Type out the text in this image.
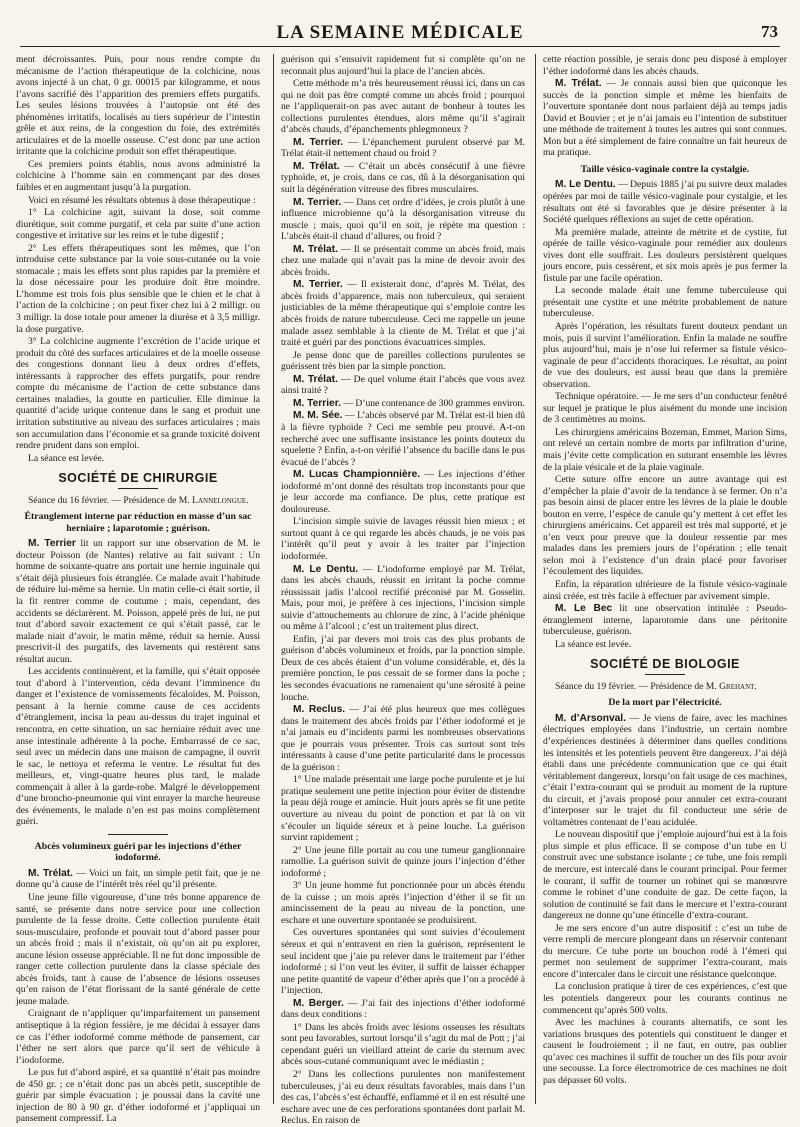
LA SEMAINE MÉDICALE	73

ment décroissantes. Puis, pour nous rendre compte du mécanisme de l’action thérapeutique de la colchicine, nous avons injecté à un chat, 0 gr. 00015 par kilogramme, et nous l’avons sacrifié dès l’apparition des premiers effets purgatifs. Les seules lésions trouvées à l’autopsie ont été des phénomènes irritatifs, localisés au tiers supérieur de l’intestin grêle et aux reins, de la congestion du foie, des extrémités articulaires et de la moelle osseuse. C’est donc par une action irritante que la colchicine produit son effet thérapeutique.

Ces premiers points établis, nous avons administré la colchicine à l’homme sain en commençant par des doses faibles et en augmentant jusqu’à la purgation.

Voici en résumé les résultats obtenus à dose thérapeutique :

1° La colchicine agit, suivant la dose, soit comme diurétique, soit comme purgatif, et cela par suite d’une action congestive et irritative sur les reins et le tube digestif ;

2° Les effets thérapeutiques sont les mêmes, que l’on introduise cette substance par la voie sous-cutanée ou la voie stomacale ; mais les effets sont plus rapides par la première et la dose nécessaire pour les produire doit être moindre. L’homme est trois fois plus sensible que le chien et le chat à l’action de la colchicine ; on peut fixer chez lui à 2 milligr. ou 3 milligr. la dose totale pour amener la diurèse et à 3,5 milligr. la dose purgative.

3° La colchicine augmente l’excrétion de l’acide urique et produit du côté des surfaces articulaires et de la moelle osseuse des congestions donnant lieu à deux ordres d’effets, intéressants à rapprocher des effets purgatifs, pour rendre compte du mécanisme de l’action de cette substance dans certaines maladies, la goutte en particulier. Elle diminue la quantité d’acide urique contenue dans le sang et produit une irritation substitutive au niveau des surfaces articulaires ; mais son accumulation dans l’économie et sa grande toxicité doivent rendre prudent dans son emploi.

La séance est levée.

SOCIÉTÉ DE CHIRURGIE

Séance du 16 février. — Présidence de M. Lannelongue.

Étranglement interne par réduction en masse d’un sac herniaire ; laparotomie ; guérison.

M. Terrier lit un rapport sur une observation de M. le docteur Poisson (de Nantes) relative au fait suivant : Un homme de soixante-quatre ans portait une hernie inguinale qui s’était déjà plusieurs fois étranglée. Ce malade avait l’habitude de réduire lui-même sa hernie. Un matin celle-ci était sortie, il la fit rentrer comme de coutume ; mais, cependant, des accidents se déclarèrent. M. Poisson, appelé près de lui, ne put tout d’abord savoir exactement ce qui s’était passé, car le malade niait d’avoir, le matin même, réduit sa hernie. Aussi prescrivit-il des purgatifs, des lavements qui restèrent sans résultat aucun.

Les accidents continuèrent, et la famille, qui s’était opposée tout d’abord à l’intervention, céda devant l’imminence du danger et l’existence de vomissements fécaloïdes. M. Poisson, pensant à la hernie comme cause de ces accidents d’étranglement, incisa la peau au-dessus du trajet inguinal et rencontra, en cette situation, un sac herniaire réduit avec une anse intestinale adhérente à la poche. Embarrassé de ce sac, seul avec un médecin dans une maison de campagne, il ouvrit le sac, le nettoya et referma le ventre. Le résultat fut des meilleurs, et, vingt-quatre heures plus tard, le malade commençait à aller à la garde-robe. Malgré le développement d’une broncho-pneumonie qui vint enrayer la marche heureuse des événements, le malade n’en est pas moins complètement guéri.

Abcès volumineux guéri par les injections d’éther iodoformé.

M. Trélat. — Voici un fait, un simple petit fait, que je ne donne qu’à cause de l’intérêt très réel qu’il présente.

Une jeune fille vigoureuse, d’une très bonne apparence de santé, se présente dans notre service pour une collection purulente de la fesse droite. Cette collection purulente était sous-musculaire, profonde et pouvait tout d’abord passer pour un abcès froid ; mais il n’existait, où qu’on ait pu explorer, aucune lésion osseuse appréciable. Il ne fut donc impossible de ranger cette collection purulente dans la classe spéciale des abcès froids, tant à cause de l’absence de lésions osseuses qu’en raison de l’état florissant de la santé générale de cette jeune malade.

Craignant de n’appliquer qu’imparfaitement un pansement antiseptique à la région fessière, je me décidai à essayer dans ce cas l’éther iodoformé comme méthode de pansement, car l’éther ne sert alors que parce qu’il sert de véhicule à l’iodoforme.

Le pus fut d’abord aspiré, et sa quantité n’était pas moindre de 450 gr. ; ce n’était donc pas un abcès petit, susceptible de guérir par simple évacuation ; je poussai dans la cavité une injection de 80 à 90 gr. d’éther iodoformé et j’appliquai un pansement compressif. La

guérison qui s’ensuivit rapidement fut si complète qu’on ne reconnait plus aujourd’hui la place de l’ancien abcès.

Cette méthode m’a très heureusement réussi ici, dans un cas qui ne doit pas être compté comme un abcès froid ; pourquoi ne l’appliquerait-on pas avec autant de bonheur à toutes les collections purulentes étendues, alors même qu’il s’agirait d’abcès chauds, d’épanchements phlegmoneux ?

M. Terrier. — L’épanchement purulent observé par M. Trélat était-il nettement chaud ou froid ?

M. Trélat. — C’était un abcès consécutif à une fièvre typhoïde, et, je crois, dans ce cas, dû à la désorganisation qui suit la dégénération vitreuse des fibres musculaires.

M. Terrier. — Dans cet ordre d’idées, je crois plutôt à une influence microbienne qu’à la désorganisation vitreuse du muscle ; mais, quoi qu’il en soit, je répète ma question : L’abcès était-il chaud d’allures, ou froid ?

M. Trélat. — Il se présentait comme un abcès froid, mais chez une malade qui n’avait pas la mine de devoir avoir des abcès froids.

M. Terrier. — Il existerait donc, d’après M. Trélat, des abcès froids d’apparence, mais non tuberculeux, qui seraient justiciables de la même thérapeutique qui s’emploie contre les abcès froids de nature tuberculeuse. Ceci me rappelle un jeune malade assez semblable à la cliente de M. Trélat et que j’ai traité et guéri par des ponctions évacuatrices simples.

Je pense donc que de pareilles collections purulentes se guérissent très bien par la simple ponction.

M. Trélat. — De quel volume était l’abcès que vous avez ainsi traité ?

M. Terrier. — D’une contenance de 300 grammes environ.

M. M. Sée. — L’abcès observé par M. Trélat est-il bien dû à la fièvre typhoïde ? Ceci me semble peu prouvé. A-t-on recherché avec une suffisante insistance les points douteux du squelette ? Enfin, a-t-on vérifié l’absence du bacille dans le pus évacué de l’abcès ?

M. Lucas Championnière. — Les injections d’éther iodoformé m’ont donné des résultats trop inconstants pour que je leur accorde ma confiance. De plus, cette pratique est douloureuse.

L’incision simple suivie de lavages réussit bien mieux ; et surtout quant à ce qui regarde les abcès chauds, je ne vois pas l’intérêt qu’il peut y avoir à les traiter par l’injection iodoformée.

M. Le Dentu. — L’iodoforme employé par M. Trélat, dans les abcès chauds, réussit en irritant la poche comme réussissait jadis l’alcool rectifié préconisé par M. Gosselin. Mais, pour moi, je préfère à ces injections, l’incision simple suivie d’attouchements au chlorure de zinc, à l’acide phénique ou même à l’alcool ; c’est un traitement plus direct.

Enfin, j’ai par devers moi trois cas des plus probants de guérison d’abcès volumineux et froids, par la ponction simple. Deux de ces abcès étaient d’un volume considérable, et, dès la première ponction, le pus cessait de se former dans la poche ; les secondes évacuations ne ramenaient qu’une sérosité à peine louche.

M. Reclus. — J’ai été plus heureux que mes collègues dans le traitement des abcès froids par l’éther iodoformé et je n’ai jamais eu d’incidents parmi les nombreuses observations que je pourrais vous présenter. Trois cas surtout sont très intéressants à cause d’une petite particularité dans le processus de la guérison :

1° Une malade présentait une large poche purulente et je lui pratique seulement une petite injection pour éviter de distendre la peau déjà rouge et amincie. Huit jours après se fit une petite ouverture au niveau du point de ponction et par là on vit s’écouler un liquide séreux et à peine louche. La guérison survint rapidement ;

2° Une jeune fille portait au cou une tumeur ganglionnaire ramollie. La guérison suivit de quinze jours l’injection d’éther iodoformé ;

3° Un jeune homme fut ponctionnée pour un abcès étendu de la cuisse ; un mois après l’injection d’éther il se fit un amincissement de la peau au niveau de la ponction, une eschare et une ouverture spontanée se produisirent.

Ces ouvertures spontanées qui sont suivies d’écoulement séreux et qui n’entravent en rien la guérison, représentent le seul incident que j’aie pu relever dans le traitement par l’éther iodoformé ; si l’on veut les éviter, il suffit de laisser échapper une petite quantité de vapeur d’éther après que l’on a procédé à l’injection.

M. Berger. — J’ai fait des injections d’éther iodoformé dans deux conditions :

1° Dans les abcès froids avec lésions osseuses les résultats sont peu favorables, surtout lorsqu’il s’agit du mal de Pott ; j’ai cependant guéri un vieillard atteint de carie du sternum avec abcès sous-cutané communiquant avec le médiastin ;

2° Dans les collections purulentes non manifestement tuberculeuses, j’ai eu deux résultats favorables, mais dans l’un des cas, l’abcès s’est échauffé, enflammé et il en est résulté une eschare avec une de ces perforations spontanées dont parlait M. Reclus. En raison de

cette réaction possible, je serais donc peu disposé à employer l’éther iodoformé dans les abcès chauds.

M. Trélat. — Je connais aussi bien que quiconque les succès de la ponction simple et même les bienfaits de l’ouverture spontanée dont nous parlaient déjà au temps jadis David et Bouvier ; et je n’ai jamais eu l’intention de substituer une méthode de traitement à toutes les autres qui sont connues. Mon but a été simplement de faire connaître un fait heureux de ma pratique.

Taille vésico-vaginale contre la cystalgie.

M. Le Dentu. — Depuis 1885 j’ai pu suivre deux malades opérées par moi de taille vésico-vaginale pour cystalgie, et les résultats ont été si favorables que je désire présenter à la Société quelques réflexions au sujet de cette opération.

Ma première malade, atteinte de métrite et de cystite, fut opérée de taille vésico-vaginale pour remédier aux douleurs vives dont elle souffrait. Les douleurs persistèrent quelques jours encore, puis cessèrent, et six mois après je pus fermer la fistule par une facile opération.

La seconde malade était une femme tuberculeuse qui présentait une cystite et une métrite probablement de nature tuberculeuse.

Après l’opération, les résultats furent douteux pendant un mois, puis il survint l’amélioration. Enfin la malade ne souffre plus aujourd’hui, mais je n’ose lui refermer sa fistule vésico-vaginale de peur d’accidents thoraciques. Le résultat, au point de vue des douleurs, est aussi beau que dans la première observation.

Technique opératoire. — Je me sers d’un conducteur fenêtré sur lequel je pratique le plus aisément du monde une incision de 3 centimètres au moins.

Les chirurgiens américains Bozeman, Emmet, Marion Sims, ont relevé un certain nombre de morts par infiltration d’urine, mais j’évite cette complication en suturant ensemble les lèvres de la plaie vésicale et de la plaie vaginale.

Cette suture offre encore un autre avantage qui est d’empêcher la plaie d’avoir de la tendance à se fermer. On n’a pas besoin ainsi de placer entre les lèvres de la plaie le double bouton en verre, l’espèce de canule qu’y mettent à cet effet les chirurgiens américains. Cet appareil est très mal supporté, et je n’en veux pour preuve que la douleur ressentie par mes malades dans les premiers jours de l’opération ; elle tenait selon moi à l’existence d’un drain placé pour favoriser l’écoulement des liquides.

Enfin, la réparation ultérieure de la fistule vésico-vaginale ainsi créée, est très facile à effectuer par avivement simple.

M. Le Bec lit une observation intitulée : Pseudo-étranglement interne, laparotomie dans une péritonite tuberculeuse, guérison.

La séance est levée.

SOCIÉTÉ DE BIOLOGIE

Séance du 19 février. — Présidence de M. Grehant.

De la mort par l’électricité.

M. d’Arsonval. — Je viens de faire, avec les machines électriques employées dans l’industrie, un certain nombre d’expériences destinées à déterminer dans quelles conditions les intensités et les potentiels peuvent être dangereux. J’ai déjà établi dans une précédente communication que ce qui était véritablement dangereux, lorsqu’on fait usage de ces machines, c’était l’extra-courant qui se produit au moment de la rupture du circuit, et j’avais proposé pour annuler cet extra-courant d’interposer sur le trajet du fil conducteur une série de voltamètres contenant de l’eau acidulée.

Le nouveau dispositif que j’emploie aujourd’hui est à la fois plus simple et plus efficace. Il se compose d’un tube en U construit avec une substance isolante ; ce tube, une fois rempli de mercure, est intercalé dans le courant principal. Pour fermer le courant, il suffit de tourner un robinet qui se manœuvre comme le robinet d’une conduite de gaz. De cette façon, la solution de continuité se fait dans le mercure et l’extra-courant dangereux ne donne qu’une étincelle d’extra-courant.

Je me sers encore d’un autre dispositif : c’est un tube de verre rempli de mercure plongeant dans un réservoir contenant du mercure. Ce tube porte un bouchon rodé à l’émeri qui permet non seulement de supprimer l’extra-courant, mais encore d’intercaler dans le circuit une résistance quelconque.

La conclusion pratique à tirer de ces expériences, c’est que les potentiels dangereux pour les courants continus ne commencent qu’après 500 volts.

Avec les machines à courants alternatifs, ce sont les variations brusques des potentiels qui constituent le danger et causent le foudroiement ; il ne faut, en outre, pas oublier qu’avec ces machines il suffit de toucher un des fils pour avoir une secousse. La force électromotrice de ces machines ne doit pas dépasser 60 volts.
